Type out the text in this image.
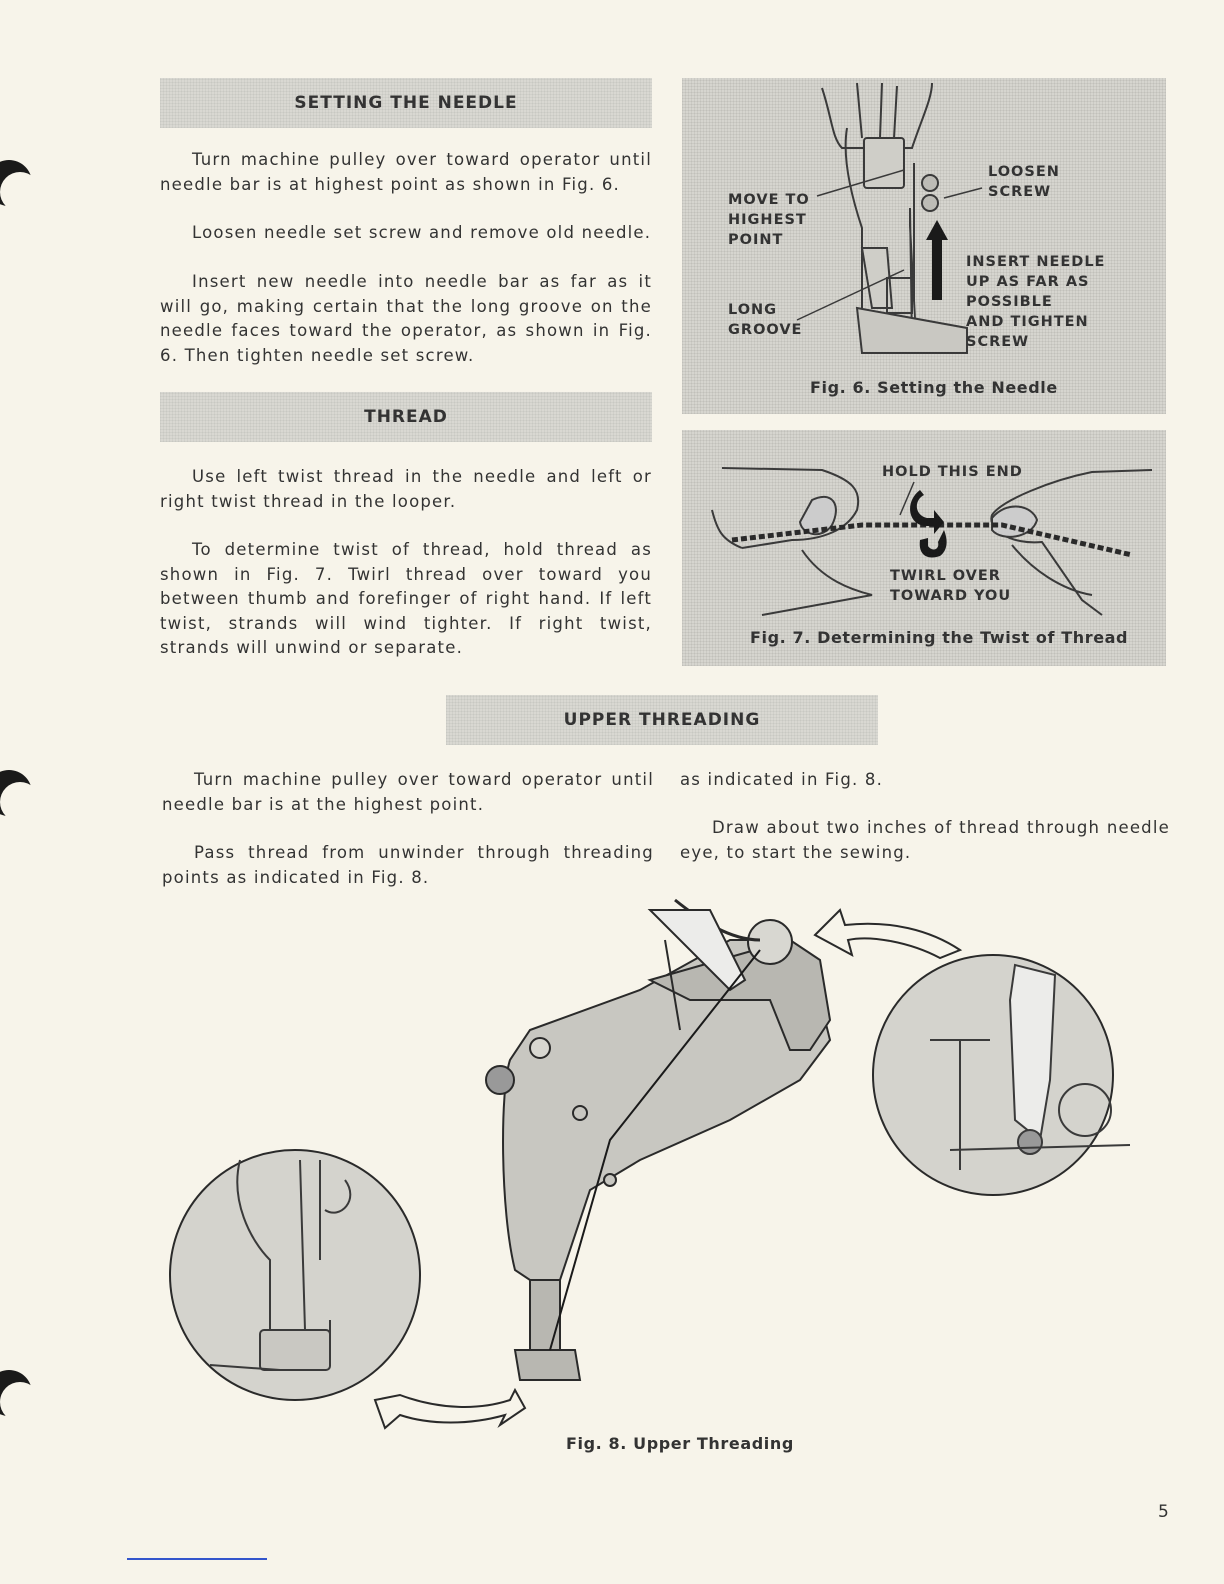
SETTING THE NEEDLE

Turn machine pulley over toward operator until needle bar is at highest point as shown in Fig. 6.

Loosen needle set screw and remove old needle.

Insert new needle into needle bar as far as it will go, making certain that the long groove on the needle faces toward the operator, as shown in Fig. 6. Then tighten needle set screw.

THREAD

Use left twist thread in the needle and left or right twist thread in the looper.

To determine twist of thread, hold thread as shown in Fig. 7. Twirl thread over toward you between thumb and forefinger of right hand. If left twist, strands will wind tighter. If right twist, strands will unwind or separate.

MOVE TO
HIGHEST
POINT
LOOSEN
SCREW
INSERT NEEDLE
UP AS FAR AS
POSSIBLE
AND TIGHTEN
SCREW
LONG
GROOVE
Fig. 6. Setting the Needle
HOLD THIS END
TWIRL OVER
TOWARD YOU
Fig. 7. Determining the Twist of Thread
UPPER THREADING

Turn machine pulley over toward operator until needle bar is at the highest point.

Pass thread from unwinder through threading points as indicated in Fig. 8.

as indicated in Fig. 8.

Draw about two inches of thread through needle eye, to start the sewing.

Fig. 8. Upper Threading
5
